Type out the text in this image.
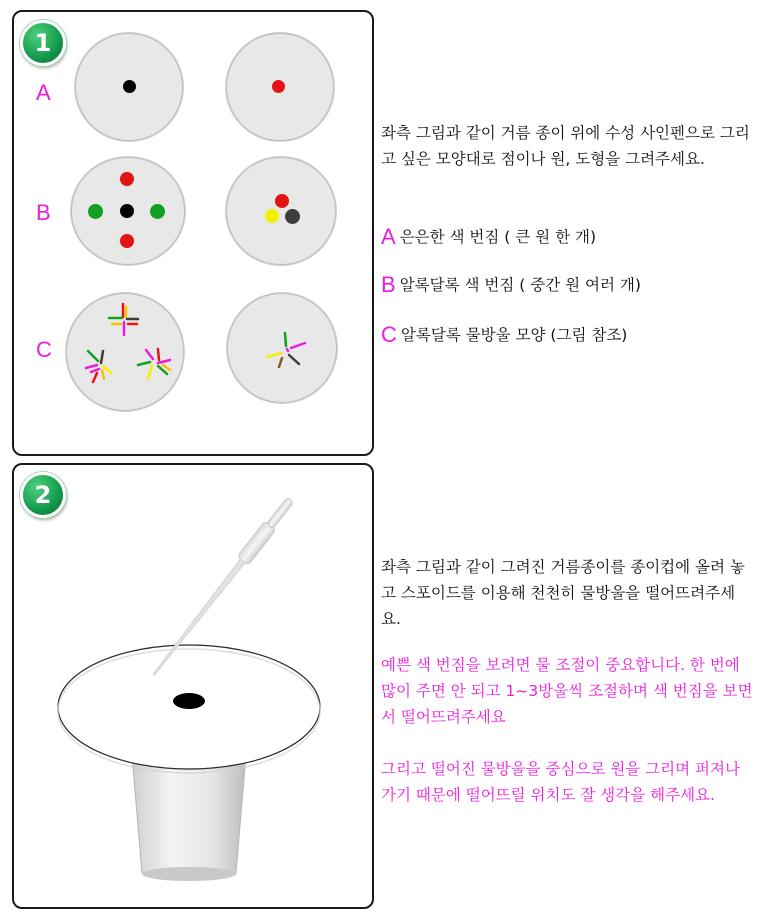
1
A
B
C

좌측 그림과 같이 거름 종이 위에 수성 사인펜으로 그리고 싶은 모양대로 점이나 원, 도형을 그려주세요.

A 은은한 색 번짐 ( 큰 원 한 개)
B 알록달록 색 번짐 ( 중간 원 여러 개)
C 알록달록 물방울 모양 (그림 참조)
2

좌측 그림과 같이 그려진 거름종이를 종이컵에 올려 놓고 스포이드를 이용해 천천히 물방울을 떨어뜨려주세요.

예쁜 색 번짐을 보려면 물 조절이 중요합니다. 한 번에 많이 주면 안 되고 1~3방울씩 조절하며 색 번짐을 보면서 떨어뜨려주세요

그리고 떨어진 물방울을 중심으로 원을 그리며 퍼져나가기 때문에 떨어뜨릴 위치도 잘 생각을 해주세요.
